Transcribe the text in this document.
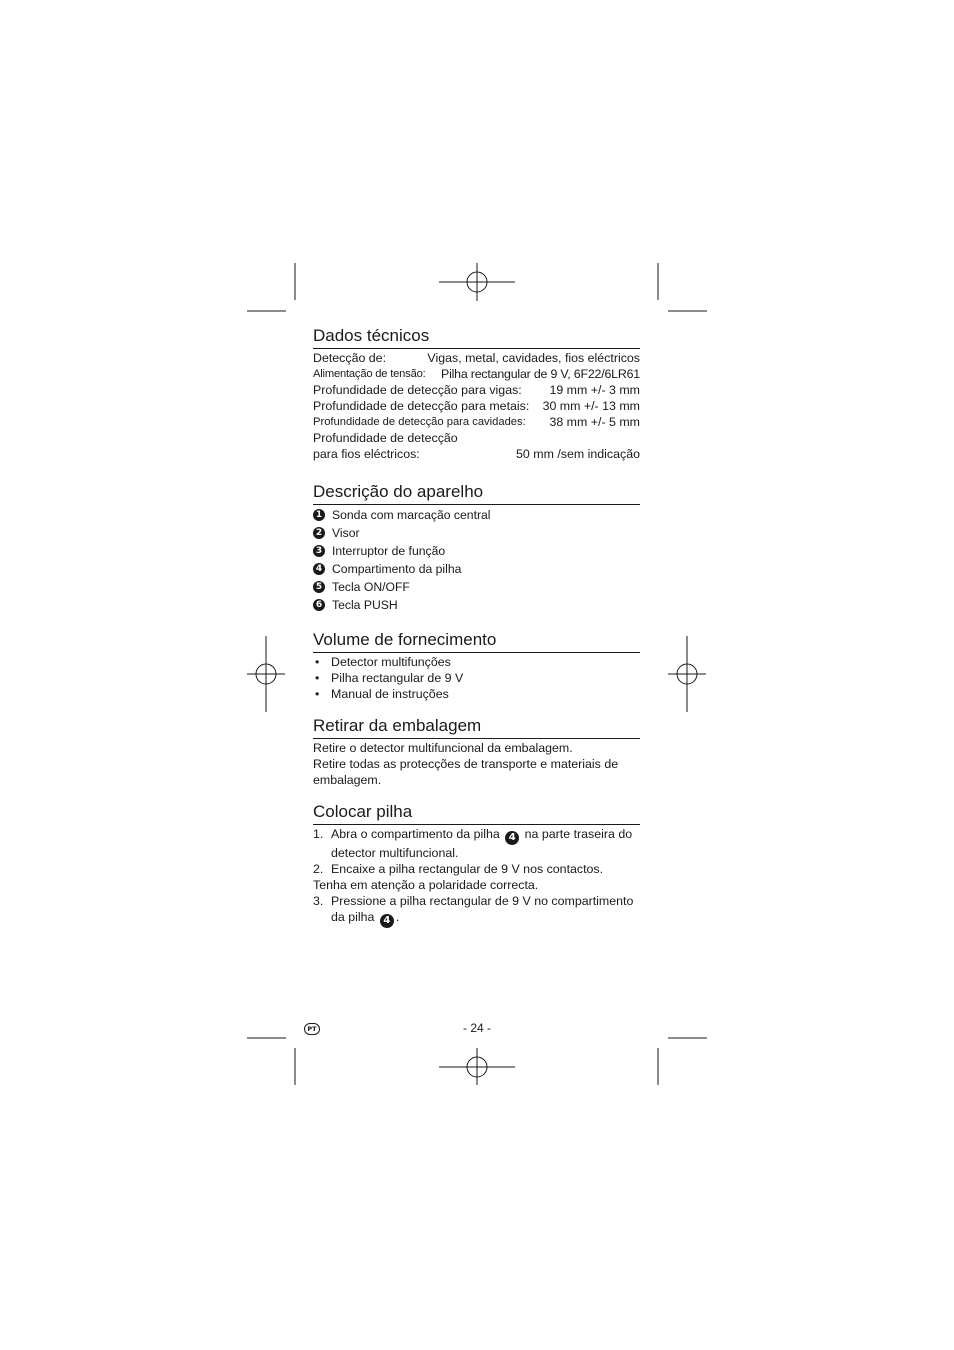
Dados técnicos
Detecção de:	Vigas, metal, cavidades, fios eléctricos
Alimentação de tensão: Pilha rectangular de 9 V, 6F22/6LR61
Profundidade de detecção para vigas: 19 mm +/- 3 mm
Profundidade de detecção para metais: 30 mm +/- 13 mm
Profundidade de detecção para cavidades: 38 mm +/- 5 mm
Profundidade de detecção
para fios eléctricos:	50 mm /sem indicação
Descrição do aparelho
1 Sonda com marcação central
2 Visor
3 Interruptor de função
4 Compartimento da pilha
5 Tecla ON/OFF
6 Tecla PUSH
Volume de fornecimento
• Detector multifunções
• Pilha rectangular de 9 V
• Manual de instruções
Retirar da embalagem
Retire o detector multifuncional da embalagem.
Retire todas as protecções de transporte e materiais de embalagem.
Colocar pilha
1. Abra o compartimento da pilha 4 na parte traseira do detector multifuncional.
2. Encaixe a pilha rectangular de 9 V nos contactos.
Tenha em atenção a polaridade correcta.
3. Pressione a pilha rectangular de 9 V no compartimento da pilha 4 .
PT	- 24 -
